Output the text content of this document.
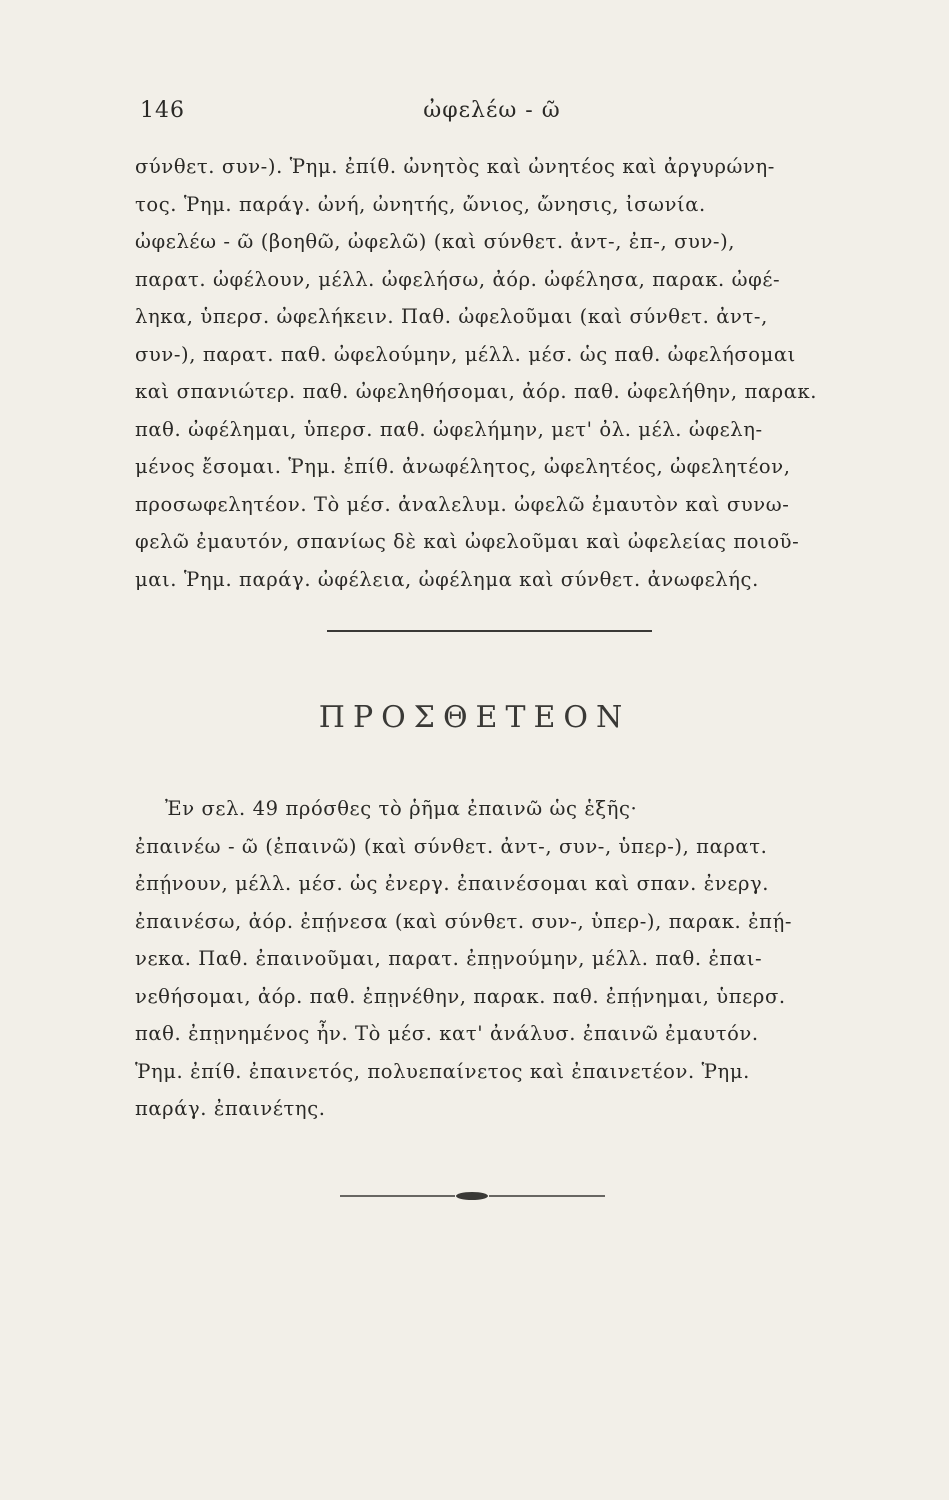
146	ὠφελέω - ῶ
σύνθετ. συν-). Ῥημ. ἐπίθ. ὠνητὸς καὶ ὠνητέος καὶ ἀργυρώνη-
τος. Ῥημ. παράγ. ὠνή, ὠνητής, ὤνιος, ὤνησις, ἰσωνία.
ὠφελέω - ῶ (βοηθῶ, ὠφελῶ) (καὶ σύνθετ. ἀντ-, ἐπ-, συν-),
παρατ. ὠφέλουν, μέλλ. ὠφελήσω, ἀόρ. ὠφέλησα, παρακ. ὠφέ-
ληκα, ὑπερσ. ὠφελήκειν. Παθ. ὠφελοῦμαι (καὶ σύνθετ. ἀντ-,
συν-), παρατ. παθ. ὠφελούμην, μέλλ. μέσ. ὡς παθ. ὠφελήσομαι
καὶ σπανιώτερ. παθ. ὠφεληθήσομαι, ἀόρ. παθ. ὠφελήθην, παρακ.
παθ. ὠφέλημαι, ὑπερσ. παθ. ὠφελήμην, μετ' ὀλ. μέλ. ὠφελη-
μένος ἔσομαι. Ῥημ. ἐπίθ. ἀνωφέλητος, ὠφελητέος, ὠφελητέον,
προσωφελητέον. Τὸ μέσ. ἀναλελυμ. ὠφελῶ ἐμαυτὸν καὶ συνω-
φελῶ ἐμαυτόν, σπανίως δὲ καὶ ὠφελοῦμαι καὶ ὠφελείας ποιοῦ-
μαι. Ῥημ. παράγ. ὠφέλεια, ὠφέλημα καὶ σύνθετ. ἀνωφελής.
ΠΡΟΣΘΕΤΕΟΝ
Ἐν σελ. 49 πρόσθες τὸ ῥῆμα ἐπαινῶ ὡς ἑξῆς·
ἐπαινέω - ῶ (ἐπαινῶ) (καὶ σύνθετ. ἀντ-, συν-, ὑπερ-), παρατ.
ἐπῄνουν, μέλλ. μέσ. ὡς ἐνεργ. ἐπαινέσομαι καὶ σπαν. ἐνεργ.
ἐπαινέσω, ἀόρ. ἐπῄνεσα (καὶ σύνθετ. συν-, ὑπερ-), παρακ. ἐπῄ-
νεκα. Παθ. ἐπαινοῦμαι, παρατ. ἐπῃνούμην, μέλλ. παθ. ἐπαι-
νεθήσομαι, ἀόρ. παθ. ἐπῃνέθην, παρακ. παθ. ἐπῄνημαι, ὑπερσ.
παθ. ἐπῃνημένος ἦν. Τὸ μέσ. κατ' ἀνάλυσ. ἐπαινῶ ἐμαυτόν.
Ῥημ. ἐπίθ. ἐπαινετός, πολυεπαίνετος καὶ ἐπαινετέον. Ῥημ.
παράγ. ἐπαινέτης.
